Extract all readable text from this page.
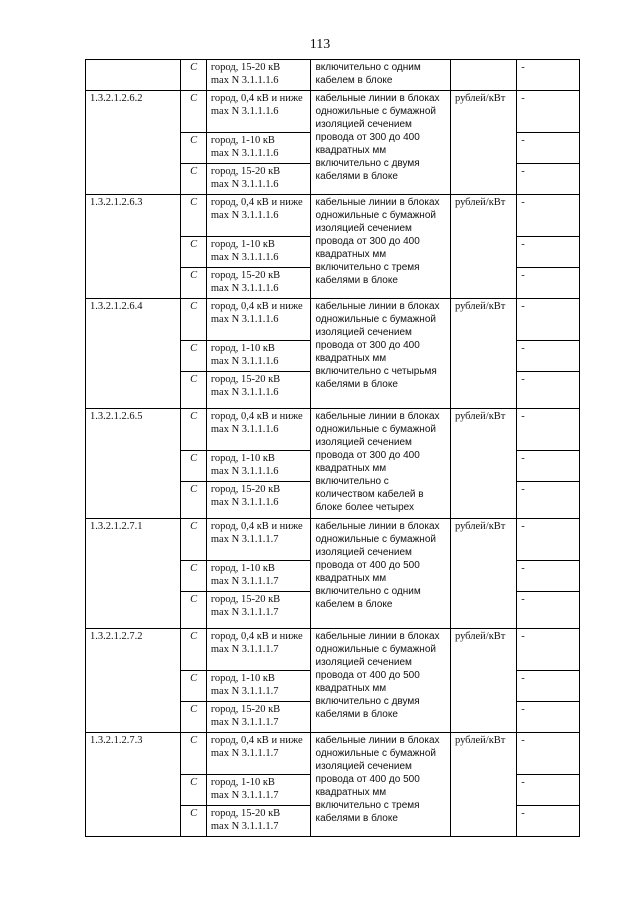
113
	C	город, 15-20 кВ
max N 3.1.1.1.6	включительно с одним кабелем в блоке		-
1.3.2.1.2.6.2	C	город, 0,4 кВ и ниже
max N 3.1.1.1.6	кабельные линии в блоках одножильные с бумажной изоляцией сечением провода от 300 до 400 квадратных мм включительно с двумя кабелями в блоке	рублей/кВт	-
	C	город, 1-10 кВ
max N 3.1.1.1.6			-
	C	город, 15-20 кВ
max N 3.1.1.1.6			-
1.3.2.1.2.6.3	C	город, 0,4 кВ и ниже
max N 3.1.1.1.6	кабельные линии в блоках одножильные с бумажной изоляцией сечением провода от 300 до 400 квадратных мм включительно с тремя кабелями в блоке	рублей/кВт	-
	C	город, 1-10 кВ
max N 3.1.1.1.6			-
	C	город, 15-20 кВ
max N 3.1.1.1.6			-
1.3.2.1.2.6.4	C	город, 0,4 кВ и ниже
max N 3.1.1.1.6	кабельные линии в блоках одножильные с бумажной изоляцией сечением провода от 300 до 400 квадратных мм включительно с четырьмя кабелями в блоке	рублей/кВт	-
	C	город, 1-10 кВ
max N 3.1.1.1.6			-
	C	город, 15-20 кВ
max N 3.1.1.1.6			-
1.3.2.1.2.6.5	C	город, 0,4 кВ и ниже
max N 3.1.1.1.6	кабельные линии в блоках одножильные с бумажной изоляцией сечением провода от 300 до 400 квадратных мм включительно с количеством кабелей в блоке более четырех	рублей/кВт	-
	C	город, 1-10 кВ
max N 3.1.1.1.6			-
	C	город, 15-20 кВ
max N 3.1.1.1.6			-
1.3.2.1.2.7.1	C	город, 0,4 кВ и ниже
max N 3.1.1.1.7	кабельные линии в блоках одножильные с бумажной изоляцией сечением провода от 400 до 500 квадратных мм включительно с одним кабелем в блоке	рублей/кВт	-
	C	город, 1-10 кВ
max N 3.1.1.1.7			-
	C	город, 15-20 кВ
max N 3.1.1.1.7			-
1.3.2.1.2.7.2	C	город, 0,4 кВ и ниже
max N 3.1.1.1.7	кабельные линии в блоках одножильные с бумажной изоляцией сечением провода от 400 до 500 квадратных мм включительно с двумя кабелями в блоке	рублей/кВт	-
	C	город, 1-10 кВ
max N 3.1.1.1.7			-
	C	город, 15-20 кВ
max N 3.1.1.1.7			-
1.3.2.1.2.7.3	C	город, 0,4 кВ и ниже
max N 3.1.1.1.7	кабельные линии в блоках одножильные с бумажной изоляцией сечением провода от 400 до 500 квадратных мм включительно с тремя кабелями в блоке	рублей/кВт	-
	C	город, 1-10 кВ
max N 3.1.1.1.7			-
	C	город, 15-20 кВ
max N 3.1.1.1.7			-
